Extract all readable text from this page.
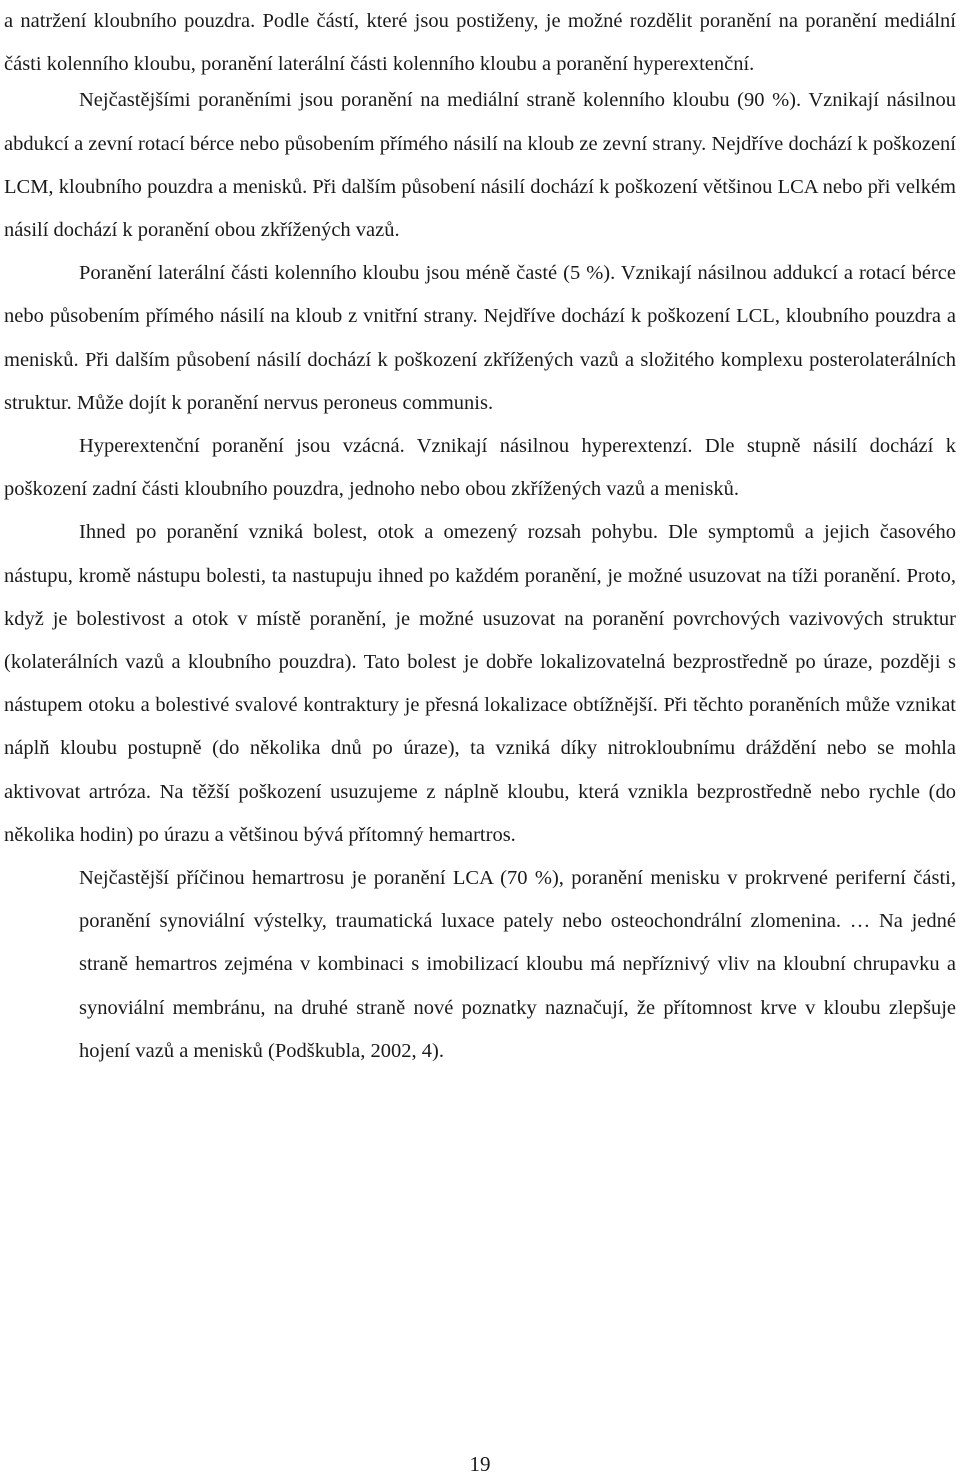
a natržení kloubního pouzdra. Podle částí, které jsou postiženy, je možné rozdělit poranění na poranění mediální části kolenního kloubu, poranění laterální části kolenního kloubu a poranění hyperextenční.

Nejčastějšími poraněními jsou poranění na mediální straně kolenního kloubu (90 %). Vznikají násilnou abdukcí a zevní rotací bérce nebo působením přímého násilí na kloub ze zevní strany. Nejdříve dochází k poškození LCM, kloubního pouzdra a menisků. Při dalším působení násilí dochází k poškození většinou LCA nebo při velkém násilí dochází k poranění obou zkřížených vazů.

Poranění laterální části kolenního kloubu jsou méně časté (5 %). Vznikají násilnou addukcí a rotací bérce nebo působením přímého násilí na kloub z vnitřní strany. Nejdříve dochází k poškození LCL, kloubního pouzdra a menisků. Při dalším působení násilí dochází k poškození zkřížených vazů a složitého komplexu posterolaterálních struktur. Může dojít k poranění nervus peroneus communis.

Hyperextenční poranění jsou vzácná. Vznikají násilnou hyperextenzí. Dle stupně násilí dochází k poškození zadní části kloubního pouzdra, jednoho nebo obou zkřížených vazů a menisků.

Ihned po poranění vzniká bolest, otok a omezený rozsah pohybu. Dle symptomů a jejich časového nástupu, kromě nástupu bolesti, ta nastupuju ihned po každém poranění, je možné usuzovat na tíži poranění. Proto, když je bolestivost a otok v místě poranění, je možné usuzovat na poranění povrchových vazivových struktur (kolaterálních vazů a kloubního pouzdra). Tato bolest je dobře lokalizovatelná bezprostředně po úraze, později s nástupem otoku a bolestivé svalové kontraktury je přesná lokalizace obtížnější. Při těchto poraněních může vznikat náplň kloubu postupně (do několika dnů po úraze), ta vzniká díky nitrokloubnímu dráždění nebo se mohla aktivovat artróza. Na těžší poškození usuzujeme z náplně kloubu, která vznikla bezprostředně nebo rychle (do několika hodin) po úrazu a většinou bývá přítomný hemartros.

Nejčastější příčinou hemartrosu je poranění LCA (70 %), poranění menisku v prokrvené periferní části, poranění synoviální výstelky, traumatická luxace pately nebo osteochondrální zlomenina. … Na jedné straně hemartros zejména v kombinaci s imobilizací kloubu má nepříznivý vliv na kloubní chrupavku a synoviální membránu, na druhé straně nové poznatky naznačují, že přítomnost krve v kloubu zlepšuje hojení vazů a menisků (Podškubla, 2002, 4).

19
